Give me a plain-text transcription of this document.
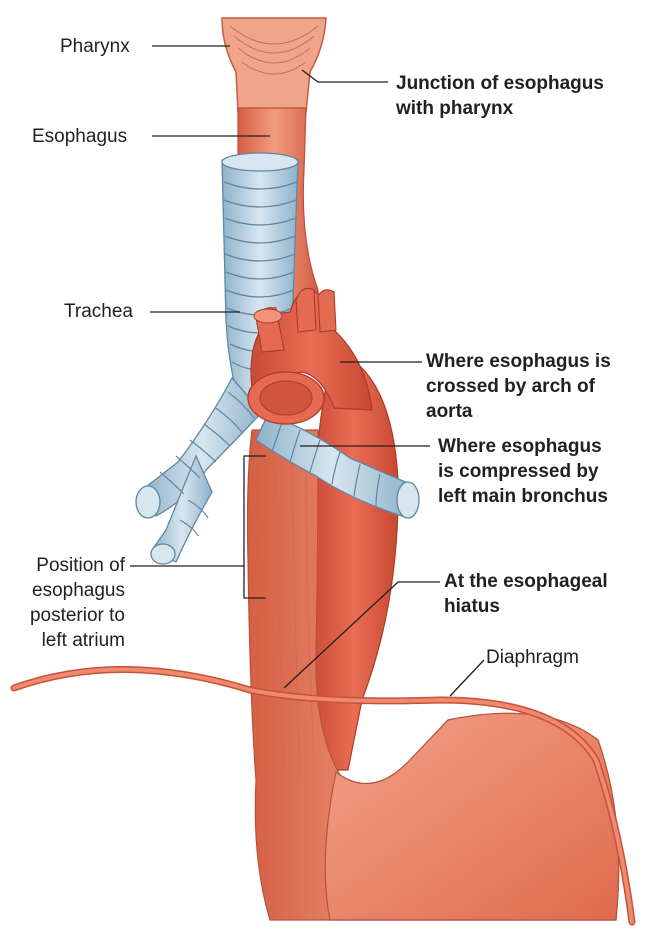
Pharynx
Junction of esophagus
with pharynx
Esophagus
Trachea
Where esophagus is
crossed by arch of
aorta
Where esophagus
is compressed by
left main bronchus
Position of
esophagus
posterior to
left atrium
At the esophageal
hiatus
Diaphragm
